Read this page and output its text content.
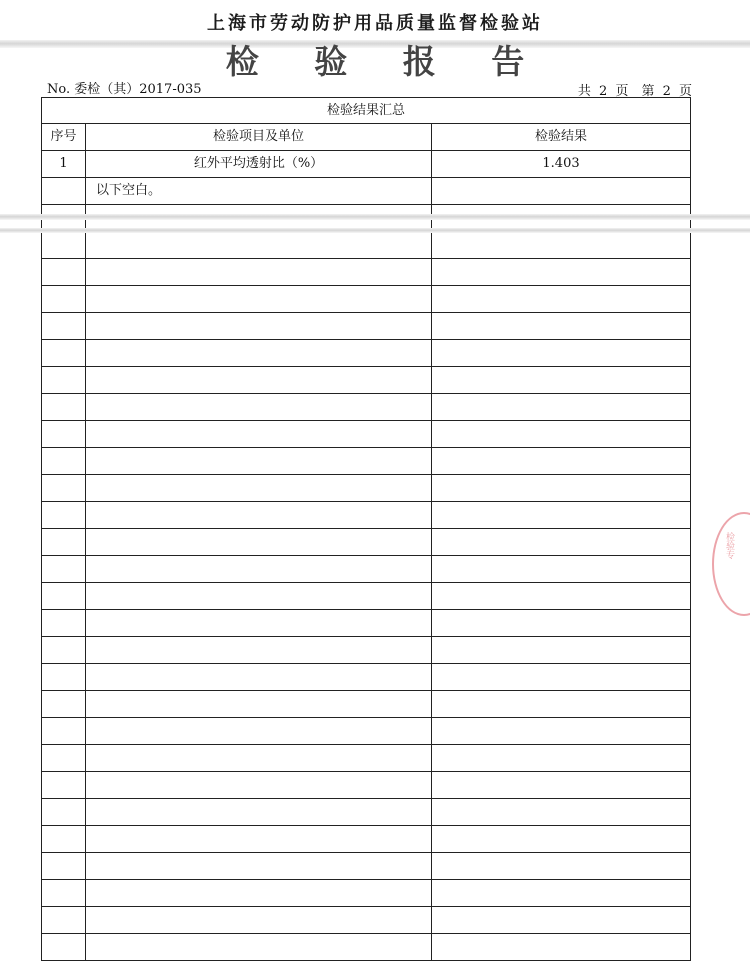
上海市劳动防护用品质量监督检验站
检 验 报 告
No. 委检（其）2017-035	共 2 页　第 2 页
检验结果汇总		
序号	检验项目及单位	检验结果
1	红外平均透射比（%）	1.403
	以下空白。	

检验专
